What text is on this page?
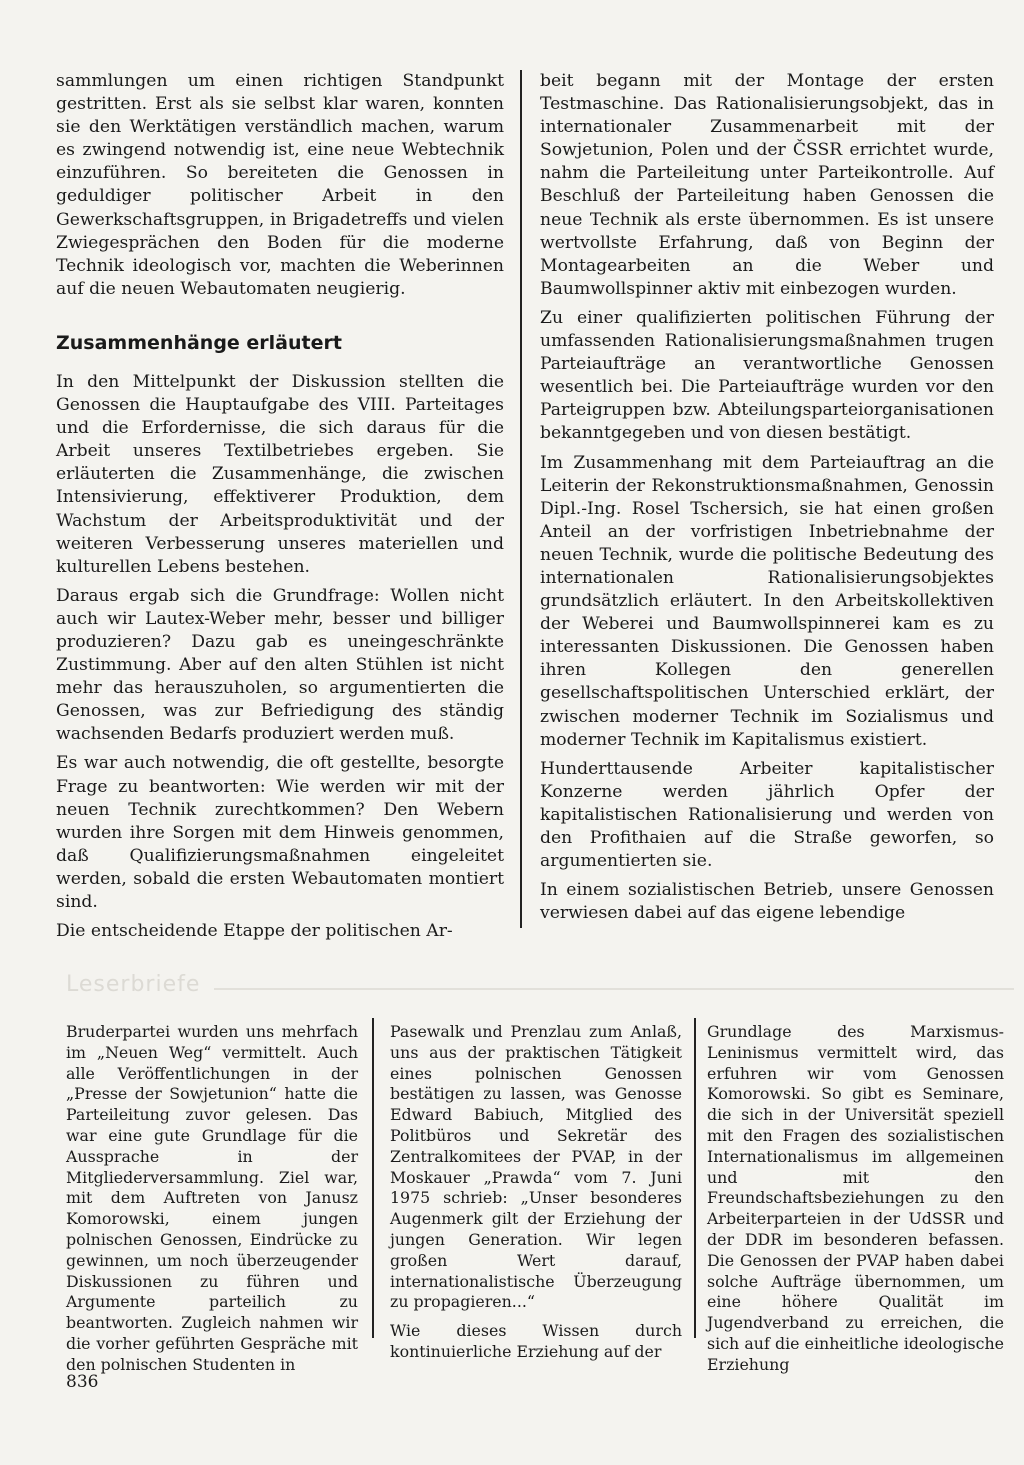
sammlungen um einen richtigen Standpunkt gestritten. Erst als sie selbst klar waren, konnten sie den Werktätigen verständlich machen, warum es zwingend notwendig ist, eine neue Webtechnik einzuführen. So bereiteten die Genossen in geduldiger politischer Arbeit in den Gewerkschaftsgruppen, in Brigadetreffs und vielen Zwiegesprächen den Boden für die moderne Technik ideologisch vor, machten die Weberinnen auf die neuen Webautomaten neugierig.

Zusammenhänge erläutert

In den Mittelpunkt der Diskussion stellten die Genossen die Hauptaufgabe des VIII. Parteitages und die Erfordernisse, die sich daraus für die Arbeit unseres Textilbetriebes ergeben. Sie erläuterten die Zusammenhänge, die zwischen Intensivierung, effektiverer Produktion, dem Wachstum der Arbeitsproduktivität und der weiteren Verbesserung unseres materiellen und kulturellen Lebens bestehen.

Daraus ergab sich die Grundfrage: Wollen nicht auch wir Lautex-Weber mehr, besser und billiger produzieren? Dazu gab es uneingeschränkte Zustimmung. Aber auf den alten Stühlen ist nicht mehr das herauszuholen, so argumentierten die Genossen, was zur Befriedigung des ständig wachsenden Bedarfs produziert werden muß.

Es war auch notwendig, die oft gestellte, besorgte Frage zu beantworten: Wie werden wir mit der neuen Technik zurechtkommen? Den Webern wurden ihre Sorgen mit dem Hinweis genommen, daß Qualifizierungsmaßnahmen eingeleitet werden, sobald die ersten Webautomaten montiert sind.

Die entscheidende Etappe der politischen Ar-

beit begann mit der Montage der ersten Testmaschine. Das Rationalisierungsobjekt, das in internationaler Zusammenarbeit mit der Sowjetunion, Polen und der ČSSR errichtet wurde, nahm die Parteileitung unter Parteikontrolle. Auf Beschluß der Parteileitung haben Genossen die neue Technik als erste übernommen. Es ist unsere wertvollste Erfahrung, daß von Beginn der Montagearbeiten an die Weber und Baumwollspinner aktiv mit einbezogen wurden.

Zu einer qualifizierten politischen Führung der umfassenden Rationalisierungsmaßnahmen trugen Parteiaufträge an verantwortliche Genossen wesentlich bei. Die Parteiaufträge wurden vor den Parteigruppen bzw. Abteilungsparteiorganisationen bekanntgegeben und von diesen bestätigt.

Im Zusammenhang mit dem Parteiauftrag an die Leiterin der Rekonstruktionsmaßnahmen, Genossin Dipl.-Ing. Rosel Tschersich, sie hat einen großen Anteil an der vorfristigen Inbetriebnahme der neuen Technik, wurde die politische Bedeutung des internationalen Rationalisierungsobjektes grundsätzlich erläutert. In den Arbeitskollektiven der Weberei und Baumwollspinnerei kam es zu interessanten Diskussionen. Die Genossen haben ihren Kollegen den generellen gesellschaftspolitischen Unterschied erklärt, der zwischen moderner Technik im Sozialismus und moderner Technik im Kapitalismus existiert.

Hunderttausende Arbeiter kapitalistischer Konzerne werden jährlich Opfer der kapitalistischen Rationalisierung und werden von den Profithaien auf die Straße geworfen, so argumentierten sie.

In einem sozialistischen Betrieb, unsere Genossen verwiesen dabei auf das eigene lebendige

Leserbriefe

Bruderpartei wurden uns mehrfach im „Neuen Weg“ vermittelt. Auch alle Veröffentlichungen in der „Presse der Sowjetunion“ hatte die Parteileitung zuvor gelesen. Das war eine gute Grundlage für die Aussprache in der Mitgliederversammlung. Ziel war, mit dem Auftreten von Janusz Komorowski, einem jungen polnischen Genossen, Eindrücke zu gewinnen, um noch überzeugender Diskussionen zu führen und Argumente parteilich zu beantworten. Zugleich nahmen wir die vorher geführten Gespräche mit den polnischen Studenten in

Pasewalk und Prenzlau zum Anlaß, uns aus der praktischen Tätigkeit eines polnischen Genossen bestätigen zu lassen, was Genosse Edward Babiuch, Mitglied des Politbüros und Sekretär des Zentralkomitees der PVAP, in der Moskauer „Prawda“ vom 7. Juni 1975 schrieb: „Unser besonderes Augenmerk gilt der Erziehung der jungen Generation. Wir legen großen Wert darauf, internationalistische Überzeugung zu propagieren...“

Wie dieses Wissen durch kontinuierliche Erziehung auf der

Grundlage des Marxismus-Leninismus vermittelt wird, das erfuhren wir vom Genossen Komorowski. So gibt es Seminare, die sich in der Universität speziell mit den Fragen des sozialistischen Internationalismus im allgemeinen und mit den Freundschaftsbeziehungen zu den Arbeiterparteien in der UdSSR und der DDR im besonderen befassen. Die Genossen der PVAP haben dabei solche Aufträge übernommen, um eine höhere Qualität im Jugendverband zu erreichen, die sich auf die einheitliche ideologische Erziehung

836
